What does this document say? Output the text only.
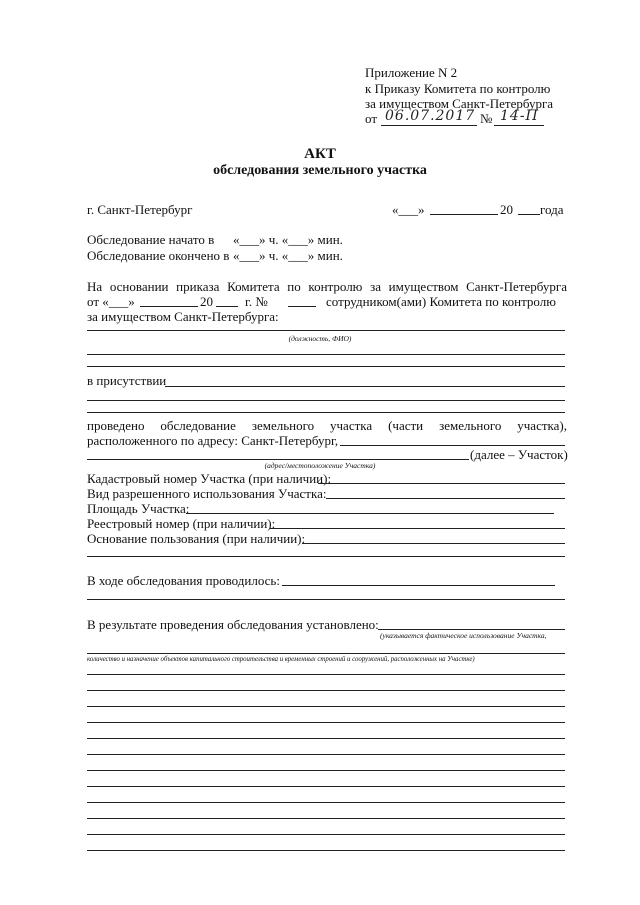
Приложение N 2
к Приказу Комитета по контролю
за имуществом Санкт-Петербурга
от 06.07.2017 № 14-П
АКТ
обследования земельного участка
г. Санкт-Петербург	«___»	20 года
Обследование начато в «___» ч. «___» мин.
Обследование окончено в «___» ч. «___» мин.
На основании приказа Комитета по контролю за имуществом Санкт-Петербурга
от «___»	20 г. №	сотрудником(ами) Комитета по контролю
за имуществом Санкт-Петербурга:
(должность, ФИО)
в присутствии
проведено обследование земельного участка (части земельного участка),
расположенного по адресу: Санкт-Петербург,
(далее – Участок)
(адрес/местоположение Участка)
Кадастровый номер Участка (при наличии):
Вид разрешенного использования Участка:
Площадь Участка:
Реестровый номер (при наличии):
Основание пользования (при наличии):
В ходе обследования проводилось:
В результате проведения обследования установлено:
(указывается фактическое использование Участка,
количество и назначение объектов капитального строительства и временных строений и сооружений, расположенных на Участке)
